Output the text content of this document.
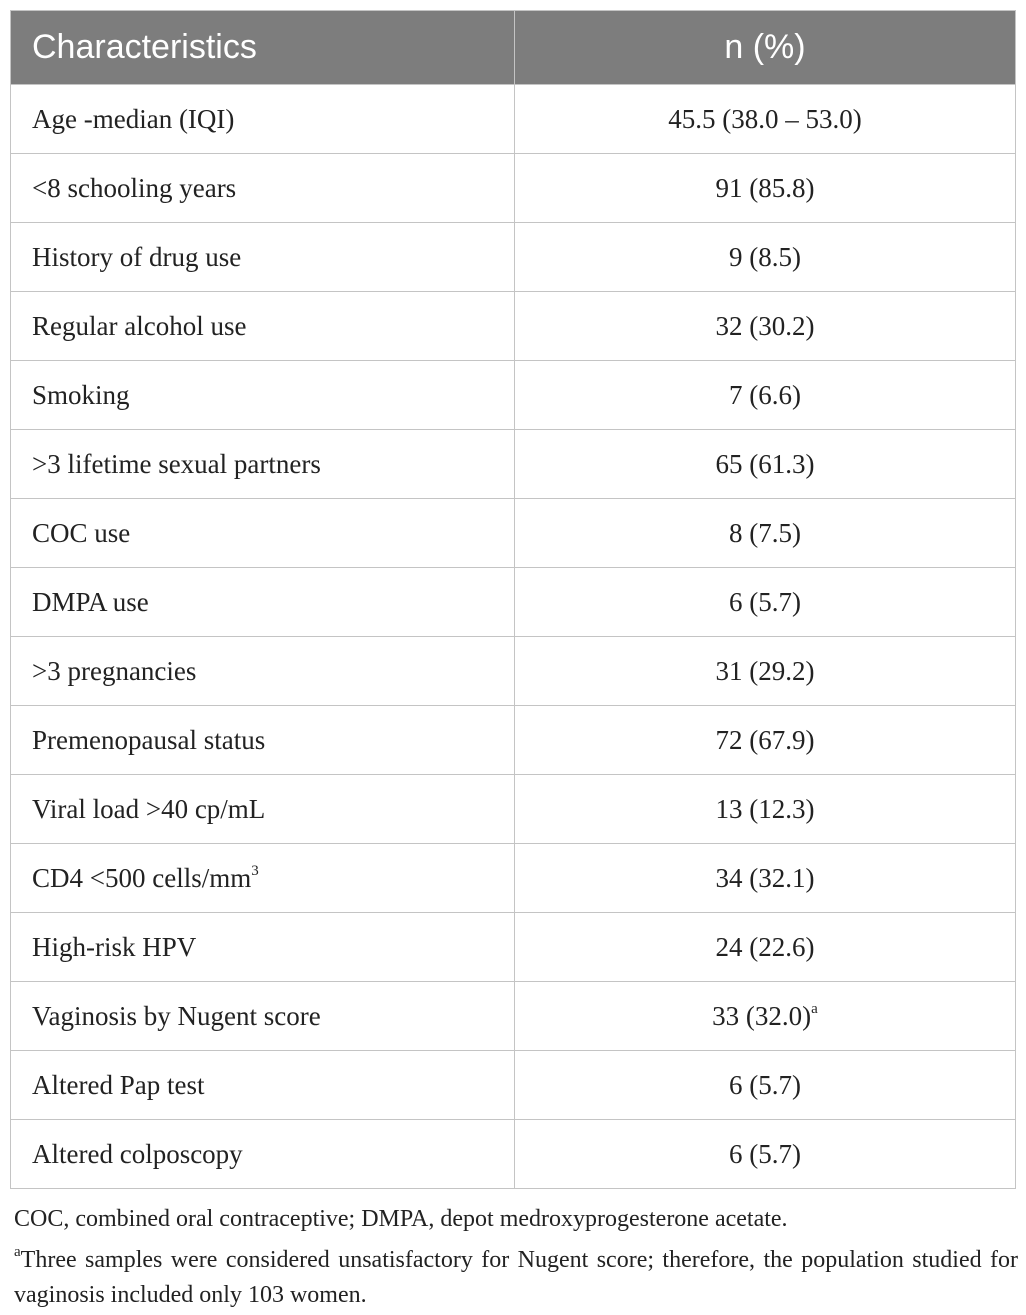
Characteristics	n (%)
Age -median (IQI)	45.5 (38.0 – 53.0)
<8 schooling years	91 (85.8)
History of drug use	9 (8.5)
Regular alcohol use	32 (30.2)
Smoking	7 (6.6)
>3 lifetime sexual partners	65 (61.3)
COC use	8 (7.5)
DMPA use	6 (5.7)
>3 pregnancies	31 (29.2)
Premenopausal status	72 (67.9)
Viral load >40 cp/mL	13 (12.3)
CD4 <500 cells/$mm^3$	34 (32.1)
High-risk HPV	24 (22.6)
Vaginosis by Nugent score	33 $(32.0)^a$
Altered Pap test	6 (5.7)
Altered colposcopy	6 (5.7)

COC, combined oral contraceptive; DMPA, depot medroxyprogesterone acetate.

$^a$Three samples were considered unsatisfactory for Nugent score; therefore, the population studied for vaginosis included only 103 women.
